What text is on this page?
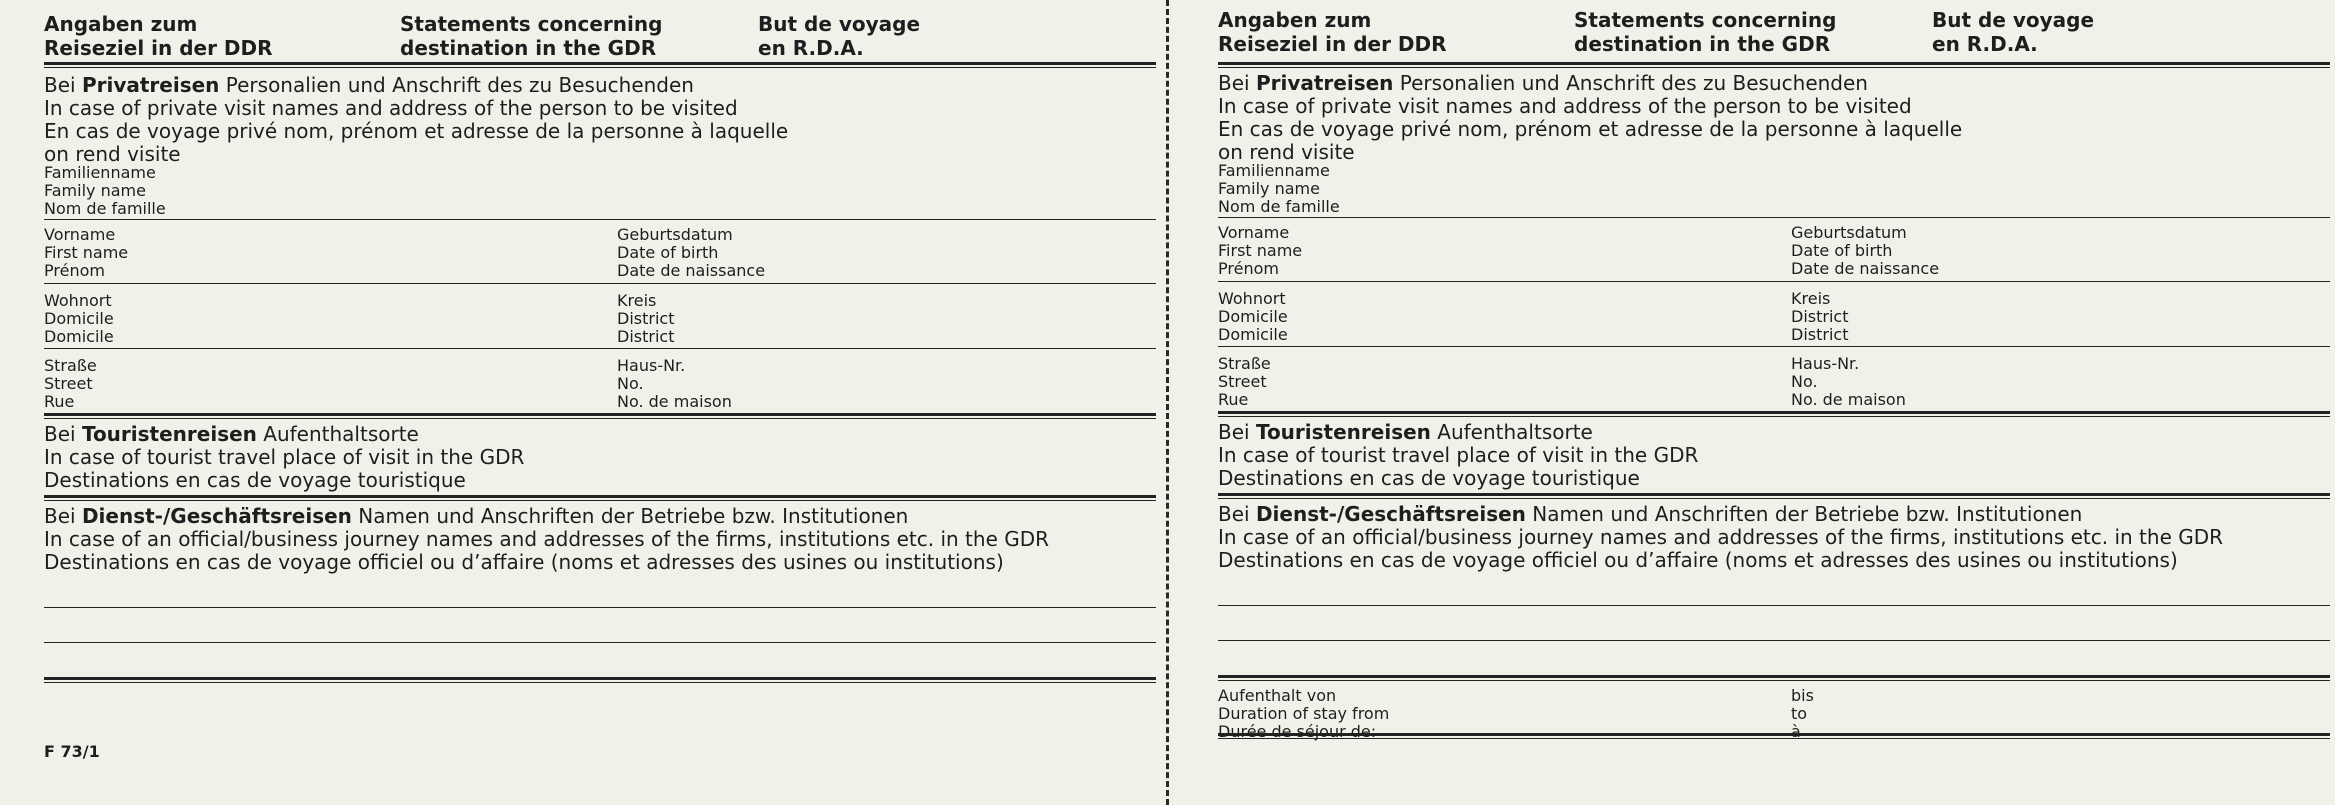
Angaben zum
Reiseziel in der DDR
Statements concerning
destination in the GDR
But de voyage
en R.D.A.
Bei Privatreisen Personalien und Anschrift des zu Besuchenden
In case of private visit names and address of the person to be visited
En cas de voyage privé nom, prénom et adresse de la personne à laquelle
on rend visite
Familienname
Family name
Nom de famille
Vorname
First name
Prénom
Geburtsdatum
Date of birth
Date de naissance
Wohnort
Domicile
Domicile
Kreis
District
District
Straße
Street
Rue
Haus-Nr.
No.
No. de maison
Bei Touristenreisen Aufenthaltsorte
In case of tourist travel place of visit in the GDR
Destinations en cas de voyage touristique
Bei Dienst-/Geschäftsreisen Namen und Anschriften der Betriebe bzw. Institutionen
In case of an official/business journey names and addresses of the firms, institutions etc. in the GDR
Destinations en cas de voyage officiel ou d’affaire (noms et adresses des usines ou institutions)
F 73/1
Angaben zum
Reiseziel in der DDR
Statements concerning
destination in the GDR
But de voyage
en R.D.A.
Bei Privatreisen Personalien und Anschrift des zu Besuchenden
In case of private visit names and address of the person to be visited
En cas de voyage privé nom, prénom et adresse de la personne à laquelle
on rend visite
Familienname
Family name
Nom de famille
Vorname
First name
Prénom
Geburtsdatum
Date of birth
Date de naissance
Wohnort
Domicile
Domicile
Kreis
District
District
Straße
Street
Rue
Haus-Nr.
No.
No. de maison
Bei Touristenreisen Aufenthaltsorte
In case of tourist travel place of visit in the GDR
Destinations en cas de voyage touristique
Bei Dienst-/Geschäftsreisen Namen und Anschriften der Betriebe bzw. Institutionen
In case of an official/business journey names and addresses of the firms, institutions etc. in the GDR
Destinations en cas de voyage officiel ou d’affaire (noms et adresses des usines ou institutions)
Aufenthalt von
Duration of stay from
Durée de séjour de:
bis
to
à
